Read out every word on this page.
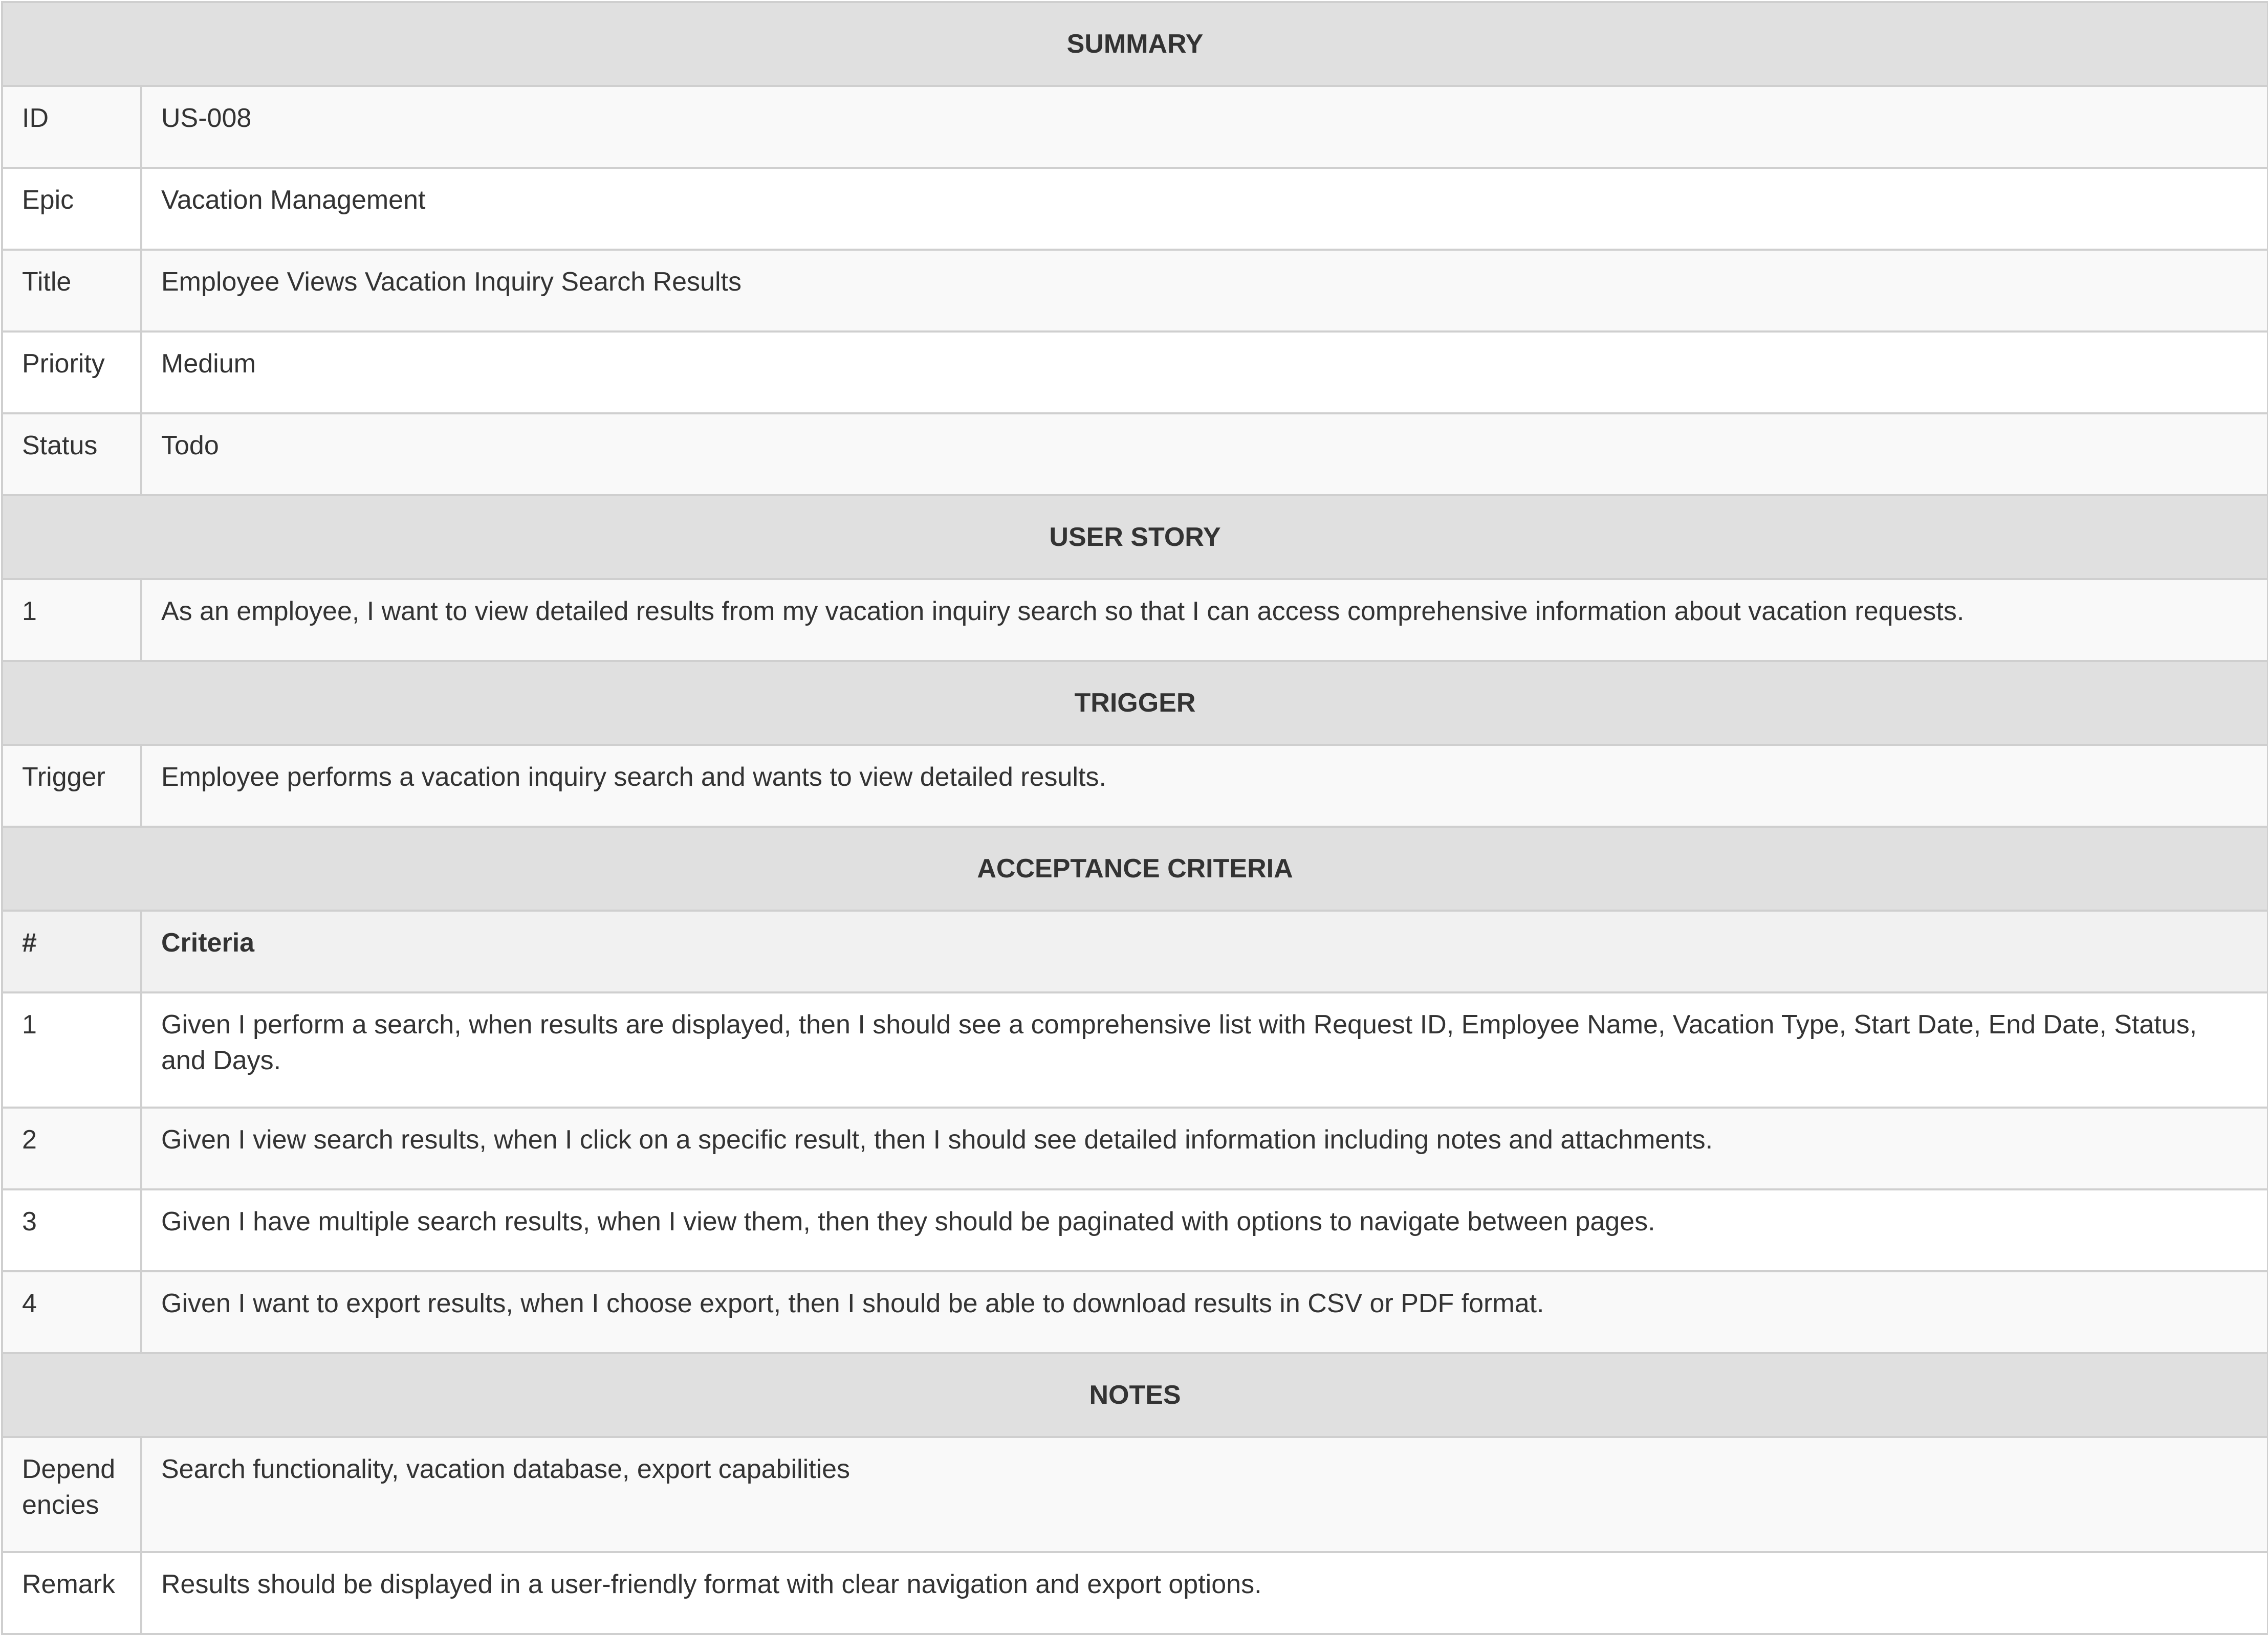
SUMMARY	
ID	US-008
Epic	Vacation Management
Title	Employee Views Vacation Inquiry Search Results
Priority	Medium
Status	Todo
USER STORY	
1	As an employee, I want to view detailed results from my vacation inquiry search so that I can access comprehensive information about vacation requests.
TRIGGER	
Trigger	Employee performs a vacation inquiry search and wants to view detailed results.
ACCEPTANCE CRITERIA	
#	Criteria
1	Given I perform a search, when results are displayed, then I should see a comprehensive list with Request ID, Employee Name, Vacation Type, Start Date, End Date, Status, and Days.
2	Given I view search results, when I click on a specific result, then I should see detailed information including notes and attachments.
3	Given I have multiple search results, when I view them, then they should be paginated with options to navigate between pages.
4	Given I want to export results, when I choose export, then I should be able to download results in CSV or PDF format.
NOTES	
Dependencies	Search functionality, vacation database, export capabilities
Remark	Results should be displayed in a user-friendly format with clear navigation and export options.
